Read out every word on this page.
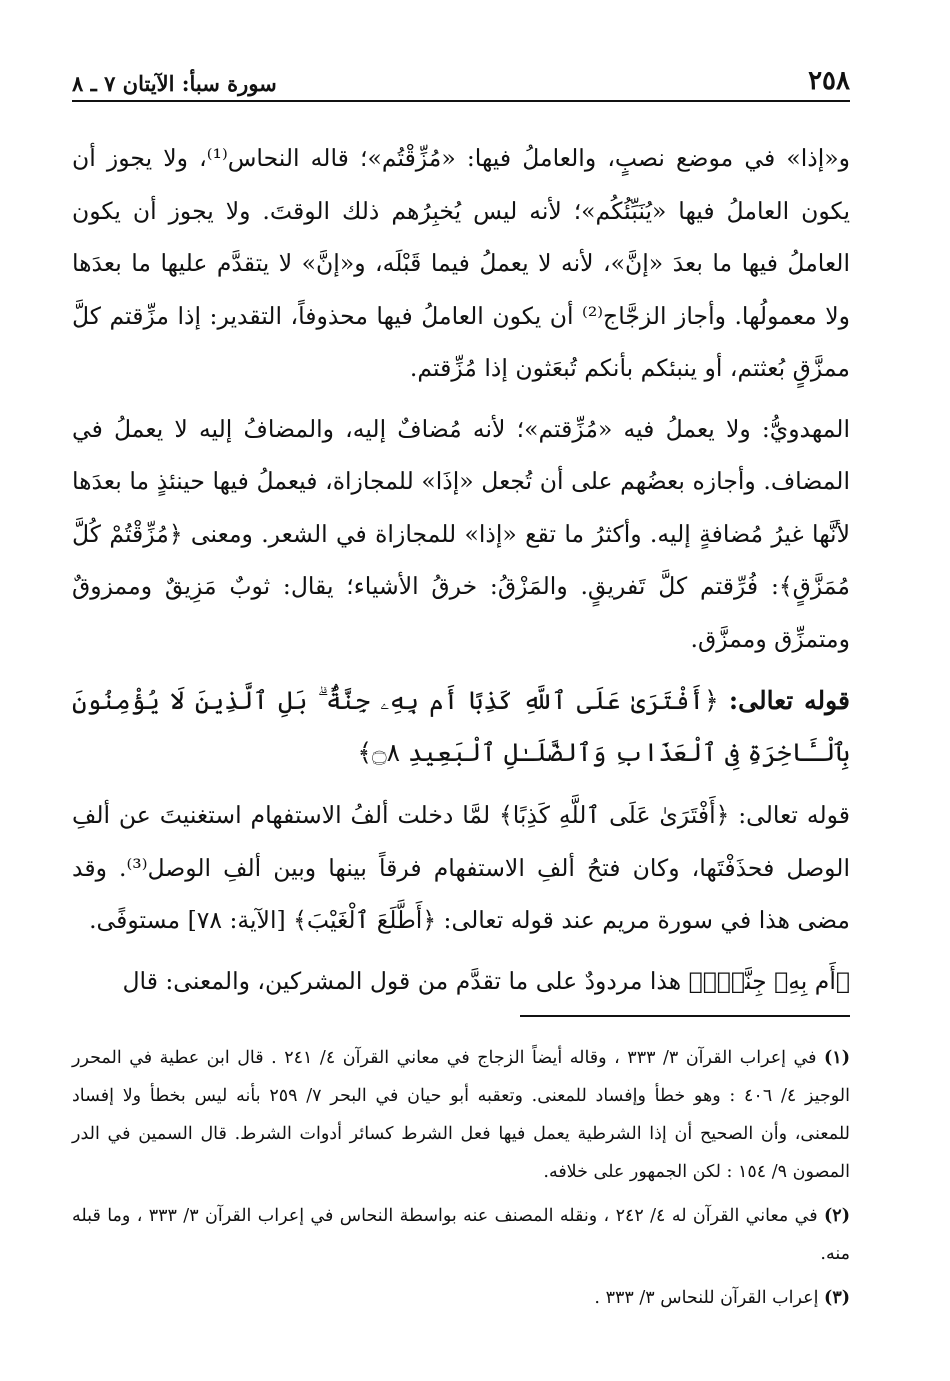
٢٥٨
سورة سبأ: الآيتان ٧ ـ ٨

و«إذا» في موضع نصبٍ، والعاملُ فيها: «مُزِّقْتُم»؛ قاله النحاس⁽¹⁾، ولا يجوز أن يكون العاملُ فيها «يُنَبِّئُكُم»؛ لأنه ليس يُخبِرُهم ذلك الوقتَ. ولا يجوز أن يكون العاملُ فيها ما بعدَ «إنَّ»، لأنه لا يعملُ فيما قَبْلَه، و«إنَّ» لا يتقدَّم عليها ما بعدَها ولا معمولُها. وأجاز الزجَّاج⁽²⁾ أن يكون العاملُ فيها محذوفاً، التقدير: إذا مزِّقتم كلَّ ممزَّقٍ بُعثتم، أو ينبئكم بأنكم تُبعَثون إذا مُزِّقتم.

المهدويُّ: ولا يعملُ فيه «مُزِّقتم»؛ لأنه مُضافٌ إليه، والمضافُ إليه لا يعملُ في المضاف. وأجازه بعضُهم على أن تُجعل «إذَا» للمجازاة، فيعملُ فيها حينئذٍ ما بعدَها لأنَّها غيرُ مُضافةٍ إليه. وأكثرُ ما تقع «إذا» للمجازاة في الشعر. ومعنى ﴿مُزِّقْتُمْ كُلَّ مُمَزَّقٍ﴾: فُرِّقتم كلَّ تَفريقٍ. والمَزْقُ: خرقُ الأشياء؛ يقال: ثوبٌ مَزِيقٌ وممزوقٌ ومتمزِّق وممزَّق.

قوله تعالى: ﴿أَفْتَرَىٰ عَلَى ٱللَّهِ كَذِبًا أَم بِهِۦ جِنَّةٌۢ ۗ بَلِ ٱلَّذِينَ لَا يُؤْمِنُونَ بِٱلْـَٔاخِرَةِ فِى ٱلْعَذَابِ وَٱلضَّلَـٰلِ ٱلْبَعِيدِ ۝٨﴾

قوله تعالى: ﴿أَفْتَرَىٰ عَلَى ٱللَّهِ كَذِبًا﴾ لمَّا دخلت ألفُ الاستفهام استغنيتَ عن ألفِ الوصل فحذَفْتَها، وكان فتحُ ألفِ الاستفهام فرقاً بينها وبين ألفِ الوصل⁽³⁾. وقد مضى هذا في سورة مريم عند قوله تعالى: ﴿أَطَّلَعَ ٱلْغَيْبَ﴾ [الآية: ٧٨] مستوفًى.

﴿أَم بِهِۦ جِنَّةٌۢ﴾ هذا مردودٌ على ما تقدَّم من قول المشركين، والمعنى: قال

(١) في إعراب القرآن ٣/ ٣٣٣ ، وقاله أيضاً الزجاج في معاني القرآن ٤/ ٢٤١ . قال ابن عطية في المحرر الوجيز ٤/ ٤٠٦ : وهو خطأ وإفساد للمعنى. وتعقبه أبو حيان في البحر ٧/ ٢٥٩ بأنه ليس بخطأ ولا إفساد للمعنى، وأن الصحيح أن إذا الشرطية يعمل فيها فعل الشرط كسائر أدوات الشرط. قال السمين في الدر المصون ٩/ ١٥٤ : لكن الجمهور على خلافه.

(٢) في معاني القرآن له ٤/ ٢٤٢ ، ونقله المصنف عنه بواسطة النحاس في إعراب القرآن ٣/ ٣٣٣ ، وما قبله منه.

(٣) إعراب القرآن للنحاس ٣/ ٣٣٣ .
